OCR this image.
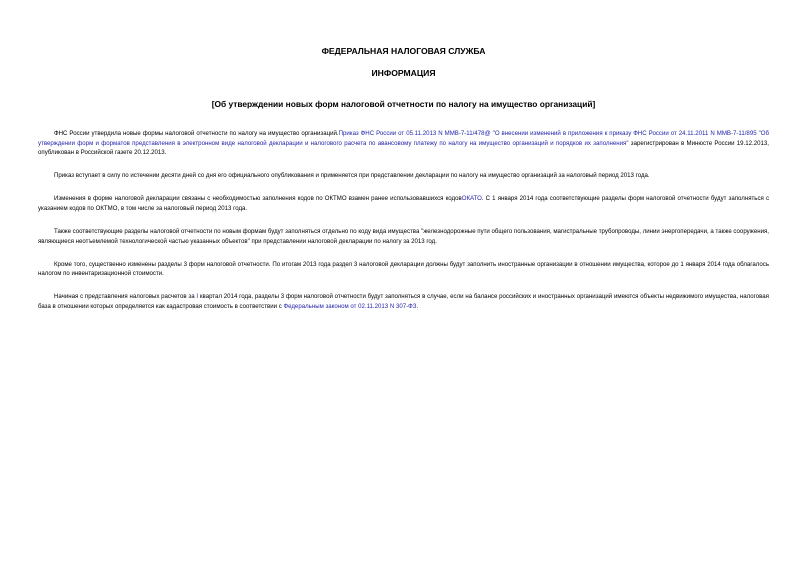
ФЕДЕРАЛЬНАЯ НАЛОГОВАЯ СЛУЖБА
ИНФОРМАЦИЯ
[Об утверждении новых форм налоговой отчетности по налогу на имущество организаций]

ФНС России утвердила новые формы налоговой отчетности по налогу на имущество организаций.Приказ ФНС России от 05.11.2013 N ММВ-7-11/478@ "О внесении изменений в приложения к приказу ФНС России от 24.11.2011 N ММВ-7-11/895 "Об утверждении форм и форматов представления в электронном виде налоговой декларации и налогового расчета по авансовому платежу по налогу на имущество организаций и порядков их заполнения" зарегистрирован в Минюсте России 19.12.2013, опубликован в Российской газете 20.12.2013.

Приказ вступает в силу по истечении десяти дней со дня его официального опубликования и применяется при представлении декларации по налогу на имущество организаций за налоговый период 2013 года.

Изменения в форме налоговой декларации связаны с необходимостью заполнения кодов по ОКТМО взамен ранее использовавшихся кодовОКАТО. С 1 января 2014 года соответствующие разделы форм налоговой отчетности будут заполняться с указанием кодов по ОКТМО, в том числе за налоговый период 2013 года.

Также соответствующие разделы налоговой отчетности по новым формам будут заполняться отдельно по коду вида имущества "железнодорожные пути общего пользования, магистральные трубопроводы, линии энергопередачи, а также сооружения, являющиеся неотъемлемой технологической частью указанных объектов" при представлении налоговой декларации по налогу за 2013 год.

Кроме того, существенно изменены разделы 3 форм налоговой отчетности. По итогам 2013 года раздел 3 налоговой декларации должны будут заполнить иностранные организации в отношении имущества, которое до 1 января 2014 года облагалось налогом по инвентаризационной стоимости.

Начиная с представления налоговых расчетов за I квартал 2014 года, разделы 3 форм налоговой отчетности будут заполняться в случае, если на балансе российских и иностранных организаций имеются объекты недвижимого имущества, налоговая база в отношении которых определяется как кадастровая стоимость в соответствии с Федеральным законом от 02.11.2013 N 307-ФЗ.
